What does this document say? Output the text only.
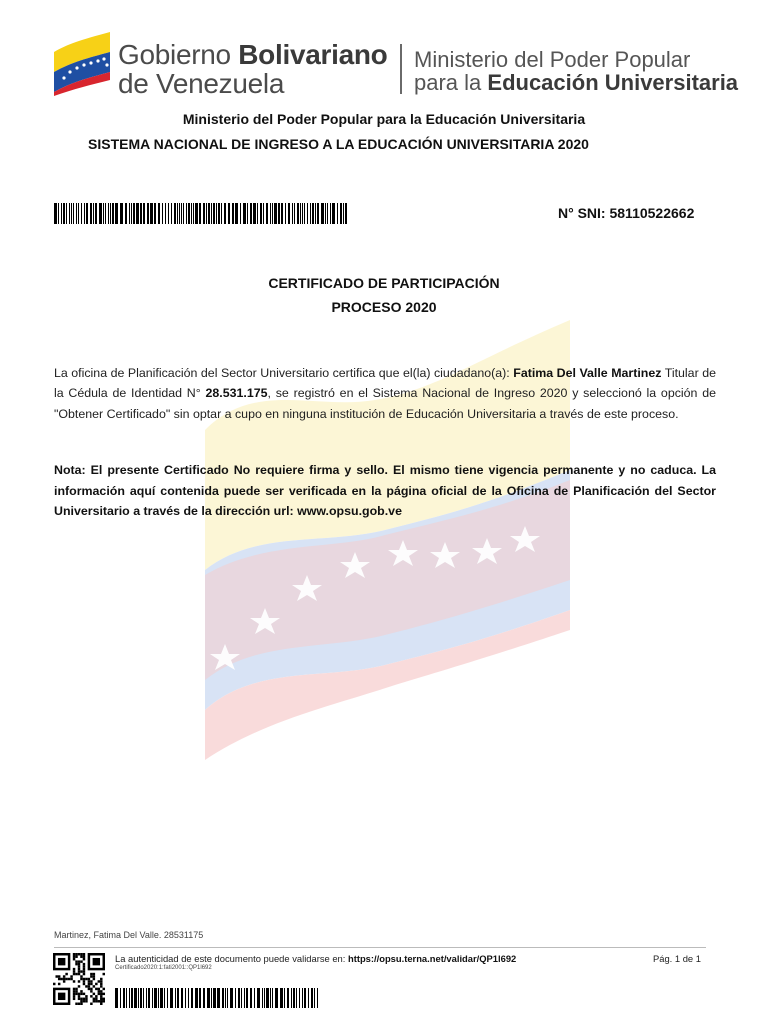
Gobierno Bolivariano
de Venezuela
Ministerio del Poder Popular
para la Educación Universitaria
Ministerio del Poder Popular para la Educación Universitaria
SISTEMA NACIONAL DE INGRESO A LA EDUCACIÓN UNIVERSITARIA 2020
N° SNI: 58110522662
CERTIFICADO DE PARTICIPACIÓN
PROCESO 2020
La oficina de Planificación del Sector Universitario certifica que el(la) ciudadano(a): Fatima Del Valle Martinez Titular de la Cédula de Identidad N° 28.531.175, se registró en el Sistema Nacional de Ingreso 2020 y seleccionó la opción de "Obtener Certificado" sin optar a cupo en ninguna institución de Educación Universitaria a través de este proceso.
Nota: El presente Certificado No requiere firma y sello. El mismo tiene vigencia permanente y no caduca. La información aquí contenida puede ser verificada en la página oficial de la Oficina de Planificación del Sector Universitario a través de la dirección url: www.opsu.gob.ve
Martinez, Fatima Del Valle. 28531175
La autenticidad de este documento puede validarse en: https://opsu.terna.net/validar/QP1l692	Pág. 1 de 1
Certificado2020:1:fati2001::QP1l692
